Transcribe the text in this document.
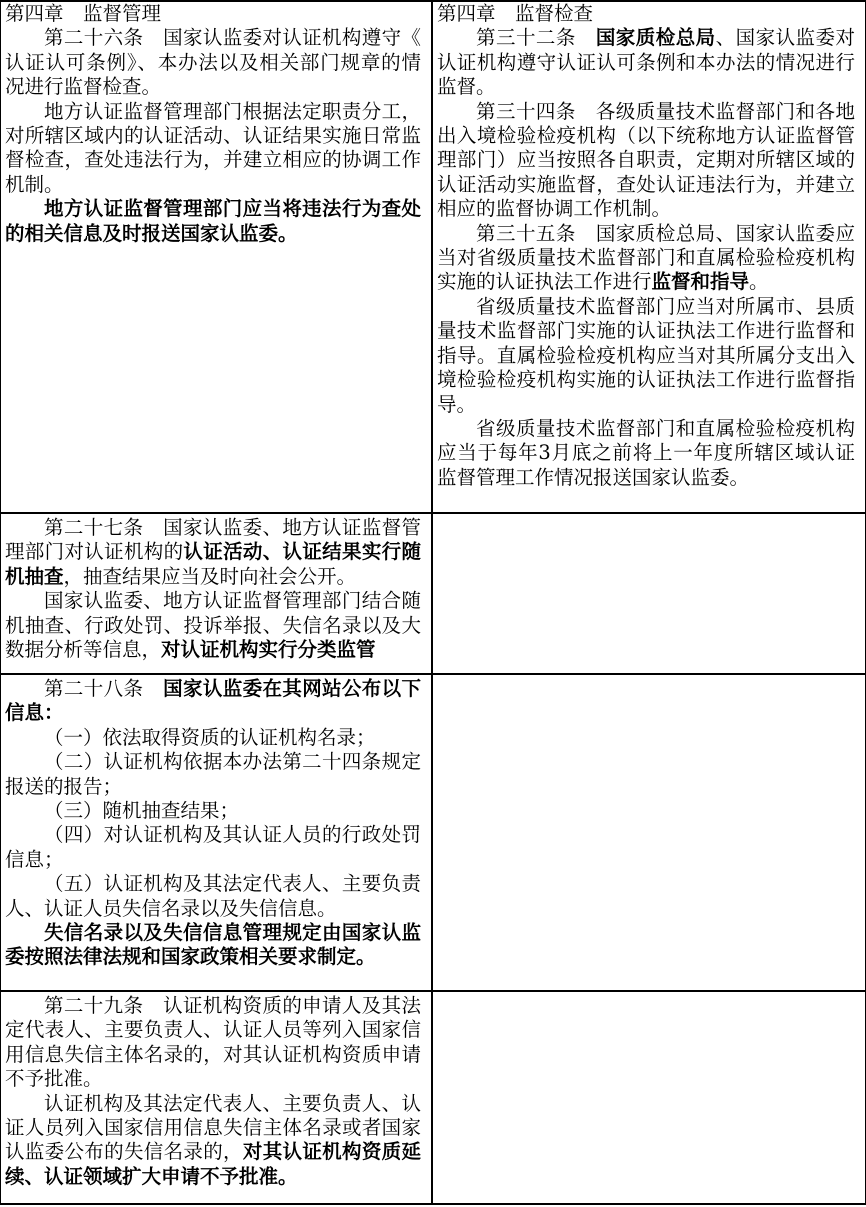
第四章　监督管理

第二十六条　国家认监委对认证机构遵守《认证认可条例》、本办法以及相关部门规章的情况进行监督检查。

地方认证监督管理部门根据法定职责分工，对所辖区域内的认证活动、认证结果实施日常监督检查，查处违法行为，并建立相应的协调工作机制。

地方认证监督管理部门应当将违法行为查处的相关信息及时报送国家认监委。

第四章　监督检查

第三十二条　国家质检总局、国家认监委对认证机构遵守认证认可条例和本办法的情况进行监督。

第三十四条　各级质量技术监督部门和各地出入境检验检疫机构（以下统称地方认证监督管理部门）应当按照各自职责，定期对所辖区域的认证活动实施监督，查处认证违法行为，并建立相应的监督协调工作机制。

第三十五条　国家质检总局、国家认监委应当对省级质量技术监督部门和直属检验检疫机构实施的认证执法工作进行监督和指导。

省级质量技术监督部门应当对所属市、县质量技术监督部门实施的认证执法工作进行监督和指导。直属检验检疫机构应当对其所属分支出入境检验检疫机构实施的认证执法工作进行监督指导。

省级质量技术监督部门和直属检验检疫机构应当于每年3月底之前将上一年度所辖区域认证监督管理工作情况报送国家认监委。

第二十七条　国家认监委、地方认证监督管理部门对认证机构的认证活动、认证结果实行随机抽查，抽查结果应当及时向社会公开。

国家认监委、地方认证监督管理部门结合随机抽查、行政处罚、投诉举报、失信名录以及大数据分析等信息，对认证机构实行分类监管

第二十八条　国家认监委在其网站公布以下信息：

（一）依法取得资质的认证机构名录；

（二）认证机构依据本办法第二十四条规定报送的报告；

（三）随机抽查结果；

（四）对认证机构及其认证人员的行政处罚信息；

（五）认证机构及其法定代表人、主要负责人、认证人员失信名录以及失信信息。

失信名录以及失信信息管理规定由国家认监委按照法律法规和国家政策相关要求制定。

第二十九条　认证机构资质的申请人及其法定代表人、主要负责人、认证人员等列入国家信用信息失信主体名录的，对其认证机构资质申请不予批准。

认证机构及其法定代表人、主要负责人、认证人员列入国家信用信息失信主体名录或者国家认监委公布的失信名录的，对其认证机构资质延续、认证领域扩大申请不予批准。
